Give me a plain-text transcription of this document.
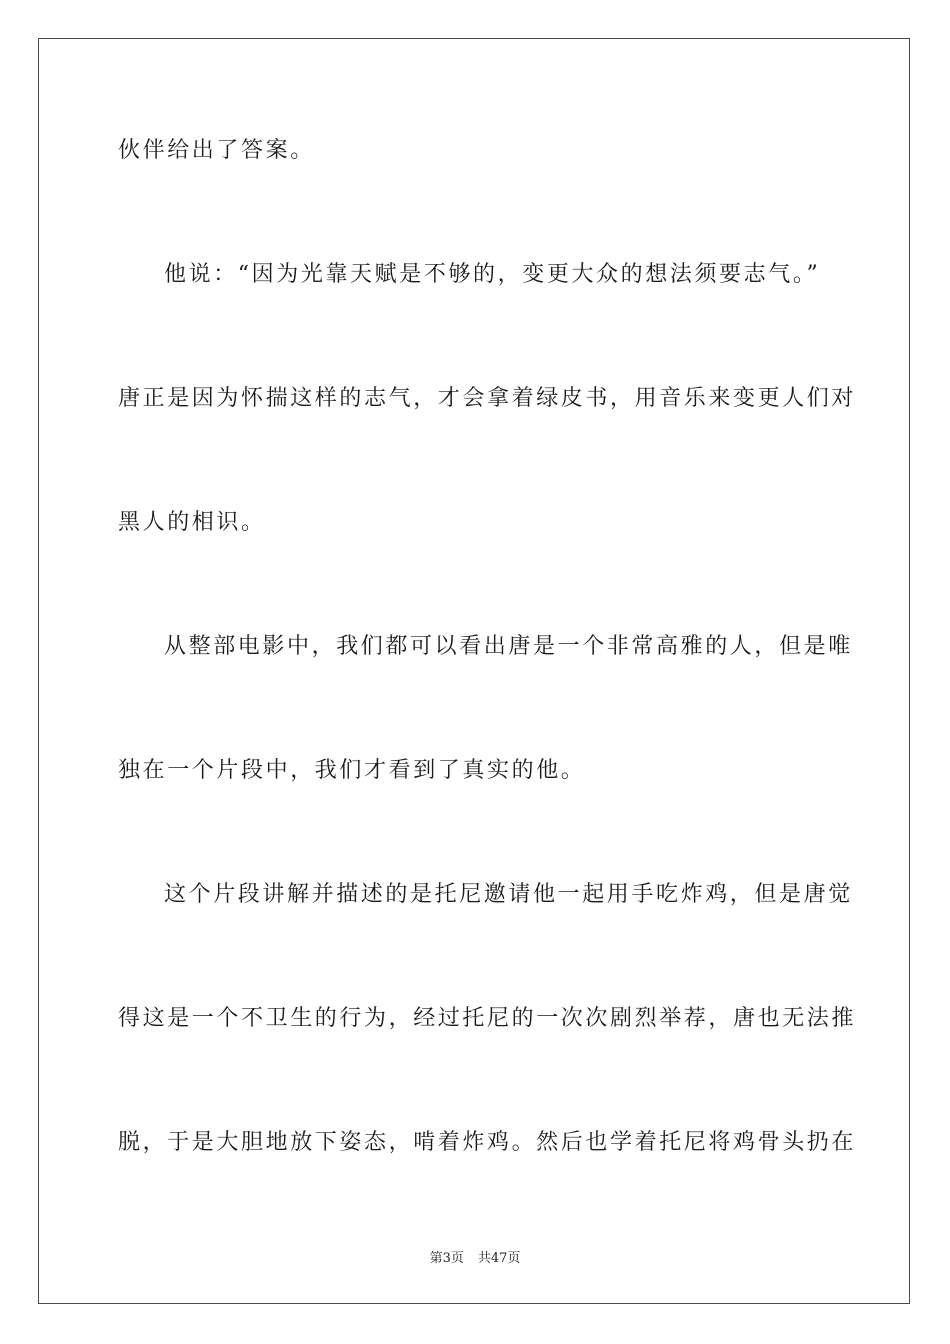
伙伴给出了答案。
他说：“因为光靠天赋是不够的，变更大众的想法须要志气。”
唐正是因为怀揣这样的志气，才会拿着绿皮书，用音乐来变更人们对
黑人的相识。
从整部电影中，我们都可以看出唐是一个非常高雅的人，但是唯
独在一个片段中，我们才看到了真实的他。
这个片段讲解并描述的是托尼邀请他一起用手吃炸鸡，但是唐觉
得这是一个不卫生的行为，经过托尼的一次次剧烈举荐，唐也无法推
脱，于是大胆地放下姿态，啃着炸鸡。然后也学着托尼将鸡骨头扔在
第3页 共47页
